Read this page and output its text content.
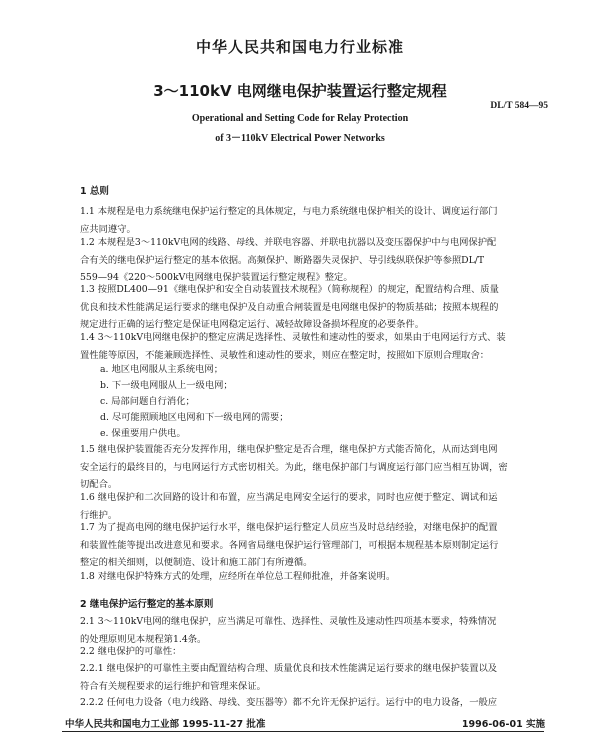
中华人民共和国电力行业标准
3～110kV 电网继电保护装置运行整定规程
DL/T 584—95
Operational and Setting Code for Relay Protection
of 3－110kV Electrical Power Networks
1 总则
1.1 本规程是电力系统继电保护运行整定的具体规定，与电力系统继电保护相关的设计、调度运行部门
应共同遵守。
1.2 本规程是3～110kV电网的线路、母线、并联电容器、并联电抗器以及变压器保护中与电网保护配
合有关的继电保护运行整定的基本依据。高频保护、断路器失灵保护、导引线纵联保护等参照DL/T
559—94《220～500kV电网继电保护装置运行整定规程》整定。
1.3 按照DL400—91《继电保护和安全自动装置技术规程》（简称规程）的规定，配置结构合理、质量
优良和技术性能满足运行要求的继电保护及自动重合闸装置是电网继电保护的物质基础；按照本规程的
规定进行正确的运行整定是保证电网稳定运行、减轻故障设备损坏程度的必要条件。
1.4 3～110kV电网继电保护的整定应满足选择性、灵敏性和速动性的要求，如果由于电网运行方式、装
置性能等原因，不能兼顾选择性、灵敏性和速动性的要求，则应在整定时，按照如下原则合理取舍：
a. 地区电网服从主系统电网；
b. 下一级电网服从上一级电网；
c. 局部问题自行消化；
d. 尽可能照顾地区电网和下一级电网的需要；
e. 保重要用户供电。
1.5 继电保护装置能否充分发挥作用，继电保护整定是否合理，继电保护方式能否简化，从而达到电网
安全运行的最终目的，与电网运行方式密切相关。为此，继电保护部门与调度运行部门应当相互协调，密
切配合。
1.6 继电保护和二次回路的设计和布置，应当满足电网安全运行的要求，同时也应便于整定、调试和运
行维护。
1.7 为了提高电网的继电保护运行水平，继电保护运行整定人员应当及时总结经验，对继电保护的配置
和装置性能等提出改进意见和要求。各网省局继电保护运行管理部门，可根据本规程基本原则制定运行
整定的相关细则，以便制造、设计和施工部门有所遵循。
1.8 对继电保护特殊方式的处理，应经所在单位总工程师批准，并备案说明。
2 继电保护运行整定的基本原则
2.1 3～110kV电网的继电保护，应当满足可靠性、选择性、灵敏性及速动性四项基本要求，特殊情况
的处理原则见本规程第1.4条。
2.2 继电保护的可靠性：
2.2.1 继电保护的可靠性主要由配置结构合理、质量优良和技术性能满足运行要求的继电保护装置以及
符合有关规程要求的运行维护和管理来保证。
2.2.2 任何电力设备（电力线路、母线、变压器等）都不允许无保护运行。运行中的电力设备，一般应
中华人民共和国电力工业部 1995-11-27 批准	1996-06-01 实施
